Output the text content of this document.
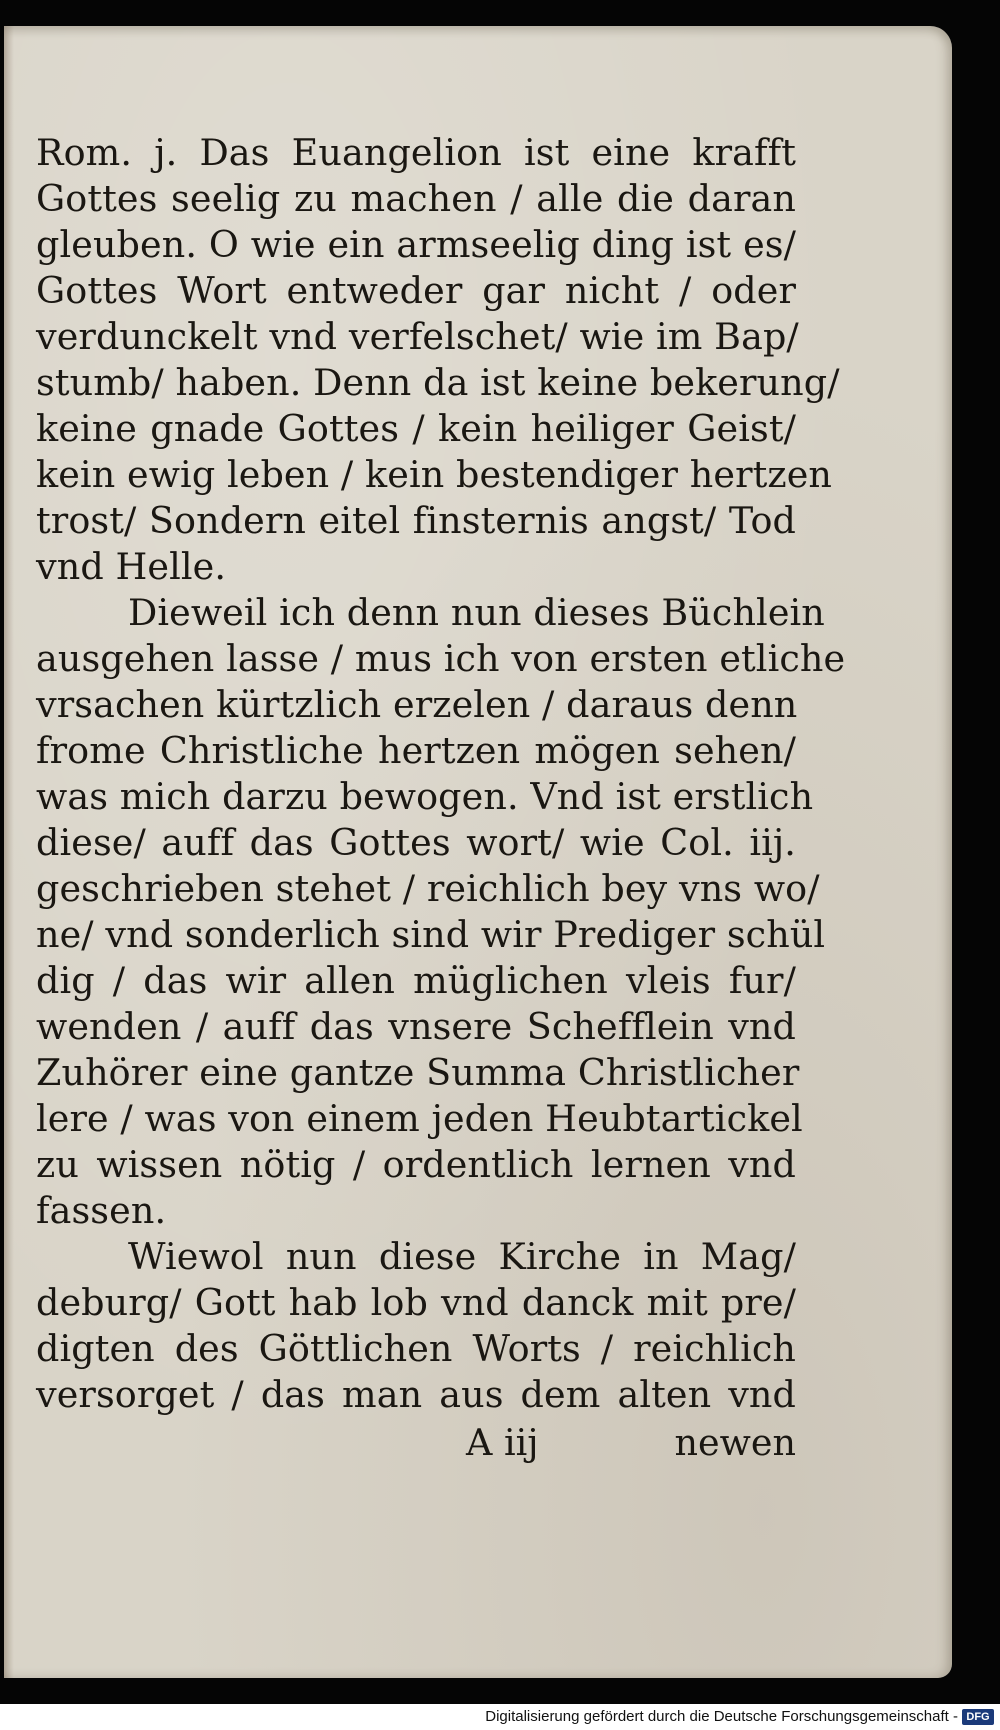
Rom. j. Das Euangelion ist eine krafft
Gottes seelig zu machen / alle die daran
gleuben. O wie ein armseelig ding ist es/
Gottes Wort entweder gar nicht / oder
verdunckelt vnd verfelschet/ wie im Bap/
stumb/ haben. Denn da ist keine bekerung/
keine gnade Gottes / kein heiliger Geist/
kein ewig leben / kein bestendiger hertzen
trost/ Sondern eitel finsternis angst/ Tod
vnd Helle.
Dieweil ich denn nun dieses Büchlein
ausgehen lasse / mus ich von ersten etliche
vrsachen kürtzlich erzelen / daraus denn
frome Christliche hertzen mögen sehen/
was mich darzu bewogen. Vnd ist erstlich
diese/ auff das Gottes wort/ wie Col. iij.
geschrieben stehet / reichlich bey vns wo/
ne/ vnd sonderlich sind wir Prediger schül
dig / das wir allen müglichen vleis fur/
wenden / auff das vnsere Schefflein vnd
Zuhörer eine gantze Summa Christlicher
lere / was von einem jeden Heubtartickel
zu wissen nötig / ordentlich lernen vnd
fassen.
Wiewol nun diese Kirche in Mag/
deburg/ Gott hab lob vnd danck mit pre/
digten des Göttlichen Worts / reichlich
versorget / das man aus dem alten vnd
A iij	newen
Digitalisierung gefördert durch die Deutsche Forschungsgemeinschaft - DFG
